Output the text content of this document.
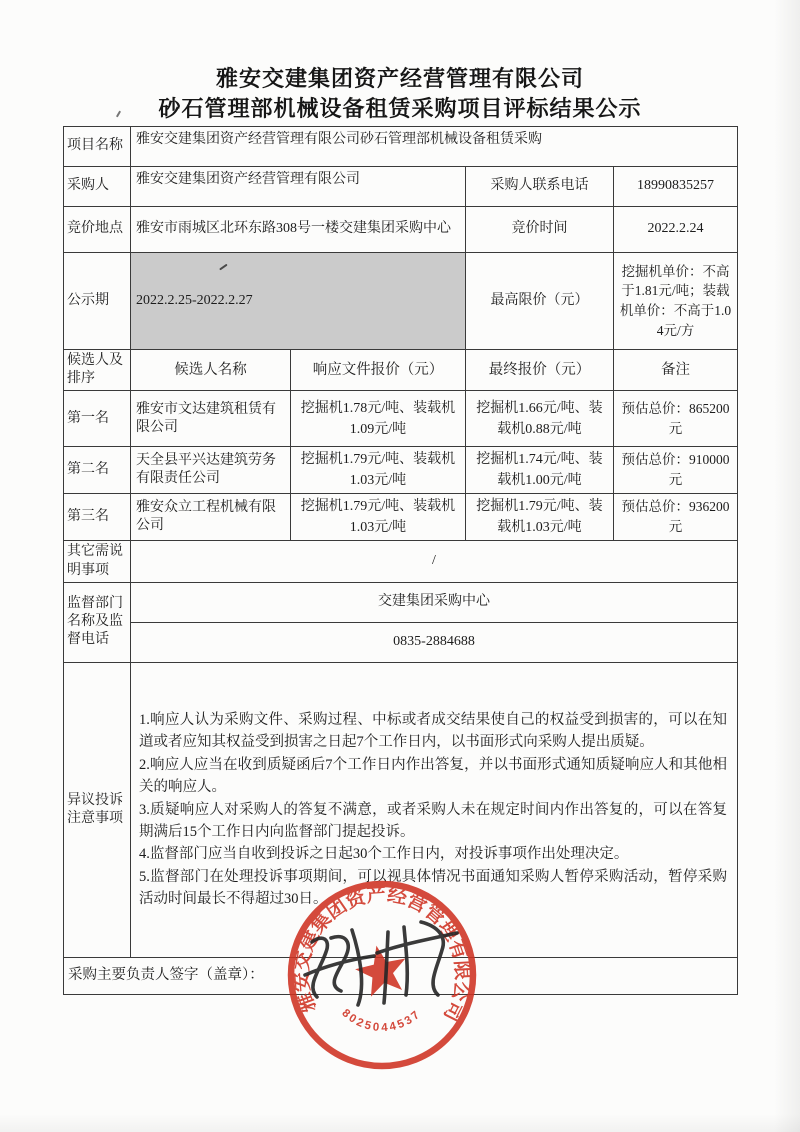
雅安交建集团资产经营管理有限公司
砂石管理部机械设备租赁采购项目评标结果公示
项目名称	雅安交建集团资产经营管理有限公司砂石管理部机械设备租赁采购			
采购人	雅安交建集团资产经营管理有限公司		采购人联系电话	18990835257
竞价地点	雅安市雨城区北环东路308号一楼交建集团采购中心		竞价时间	2022.2.24
公示期	2022.2.25-2022.2.27		最高限价（元）	挖掘机单价：不高于1.81元/吨；装载机单价：不高于1.04元/方
候选人及排序	候选人名称	响应文件报价（元）	最终报价（元）	备注
第一名	雅安市文达建筑租赁有限公司	挖掘机1.78元/吨、装载机1.09元/吨	挖掘机1.66元/吨、装载机0.88元/吨	预估总价：865200元
第二名	天全县平兴达建筑劳务有限责任公司	挖掘机1.79元/吨、装载机1.03元/吨	挖掘机1.74元/吨、装载机1.00元/吨	预估总价：910000元
第三名	雅安众立工程机械有限公司	挖掘机1.79元/吨、装载机1.03元/吨	挖掘机1.79元/吨、装载机1.03元/吨	预估总价：936200元
其它需说明事项	/			
监督部门名称及监督电话	交建集团采购中心			
	0835-2884688			
异议投诉注意事项	1.响应人认为采购文件、采购过程、中标或者成交结果使自己的权益受到损害的，可以在知道或者应知其权益受到损害之日起7个工作日内，以书面形式向采购人提出质疑。
2.响应人应当在收到质疑函后7个工作日内作出答复，并以书面形式通知质疑响应人和其他相关的响应人。
3.质疑响应人对采购人的答复不满意，或者采购人未在规定时间内作出答复的，可以在答复期满后15个工作日内向监督部门提起投诉。
4.监督部门应当自收到投诉之日起30个工作日内，对投诉事项作出处理决定。
5.监督部门在处理投诉事项期间，可以视具体情况书面通知采购人暂停采购活动，暂停采购活动时间最长不得超过30日。			

采购主要负责人签字（盖章）：				
雅安交建集团资产经营管理有限公司
8025044537
